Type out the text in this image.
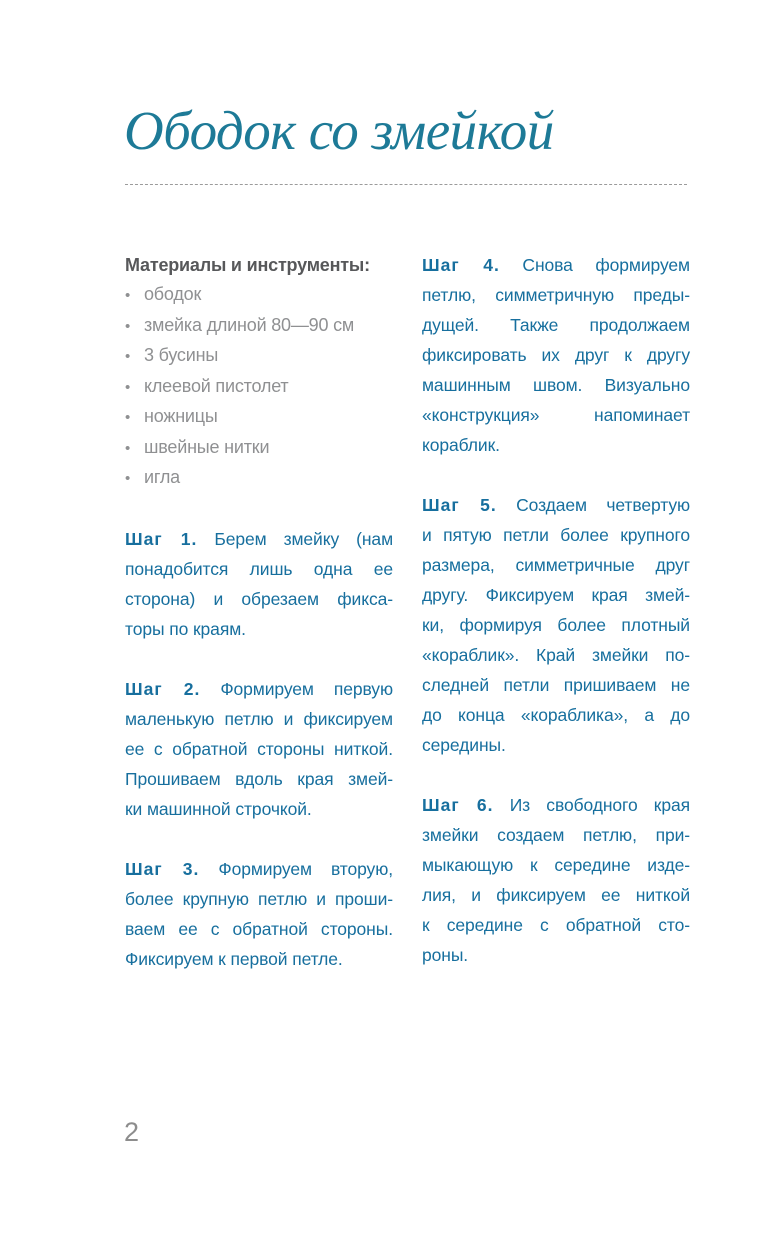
Ободок со змейкой
Материалы и инструменты:
• ободок
• змейка длиной 80—90 см
• 3 бусины
• клеевой пистолет
• ножницы
• швейные нитки
• игла
Шаг 1. Берем змейку (нам
понадобится лишь одна ее
сторона) и обрезаем фикса-
торы по краям.
Шаг 2. Формируем первую
маленькую петлю и фиксируем
ее с обратной стороны ниткой.
Прошиваем вдоль края змей-
ки машинной строчкой.
Шаг 3. Формируем вторую,
более крупную петлю и проши-
ваем ее с обратной стороны.
Фиксируем к первой петле.
Шаг 4. Снова формируем
петлю, симметричную преды-
дущей. Также продолжаем
фиксировать их друг к другу
машинным швом. Визуально
«конструкция» напоминает
кораблик.
Шаг 5. Создаем четвертую
и пятую петли более крупного
размера, симметричные друг
другу. Фиксируем края змей-
ки, формируя более плотный
«кораблик». Край змейки по-
следней петли пришиваем не
до конца «кораблика», а до
середины.
Шаг 6. Из свободного края
змейки создаем петлю, при-
мыкающую к середине изде-
лия, и фиксируем ее ниткой
к середине с обратной сто-
роны.
2
